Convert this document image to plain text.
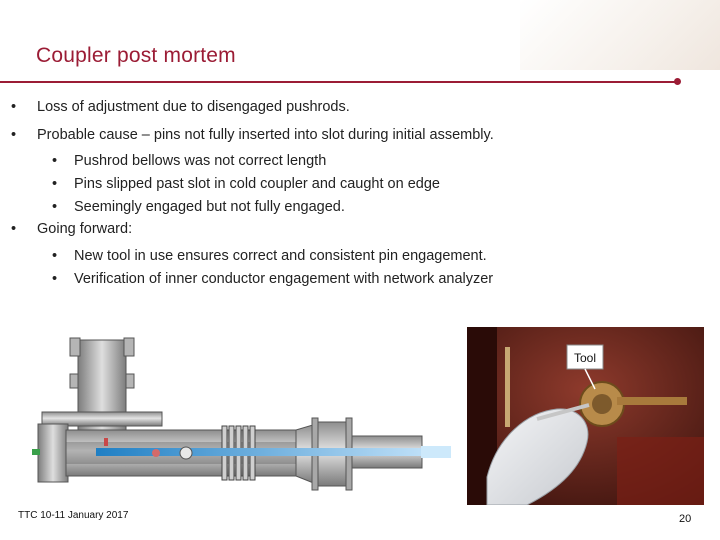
Coupler post mortem
• Loss of adjustment due to disengaged pushrods.
• Probable cause – pins not fully inserted into slot during initial assembly.
• Pushrod bellows was not correct length
• Pins slipped past slot in cold coupler and caught on edge
• Seemingly engaged but not fully engaged.
• Going forward:
• New tool in use ensures correct and consistent pin engagement.
• Verification of inner conductor engagement with network analyzer
Tool
TTC 10-11 January 2017	20
